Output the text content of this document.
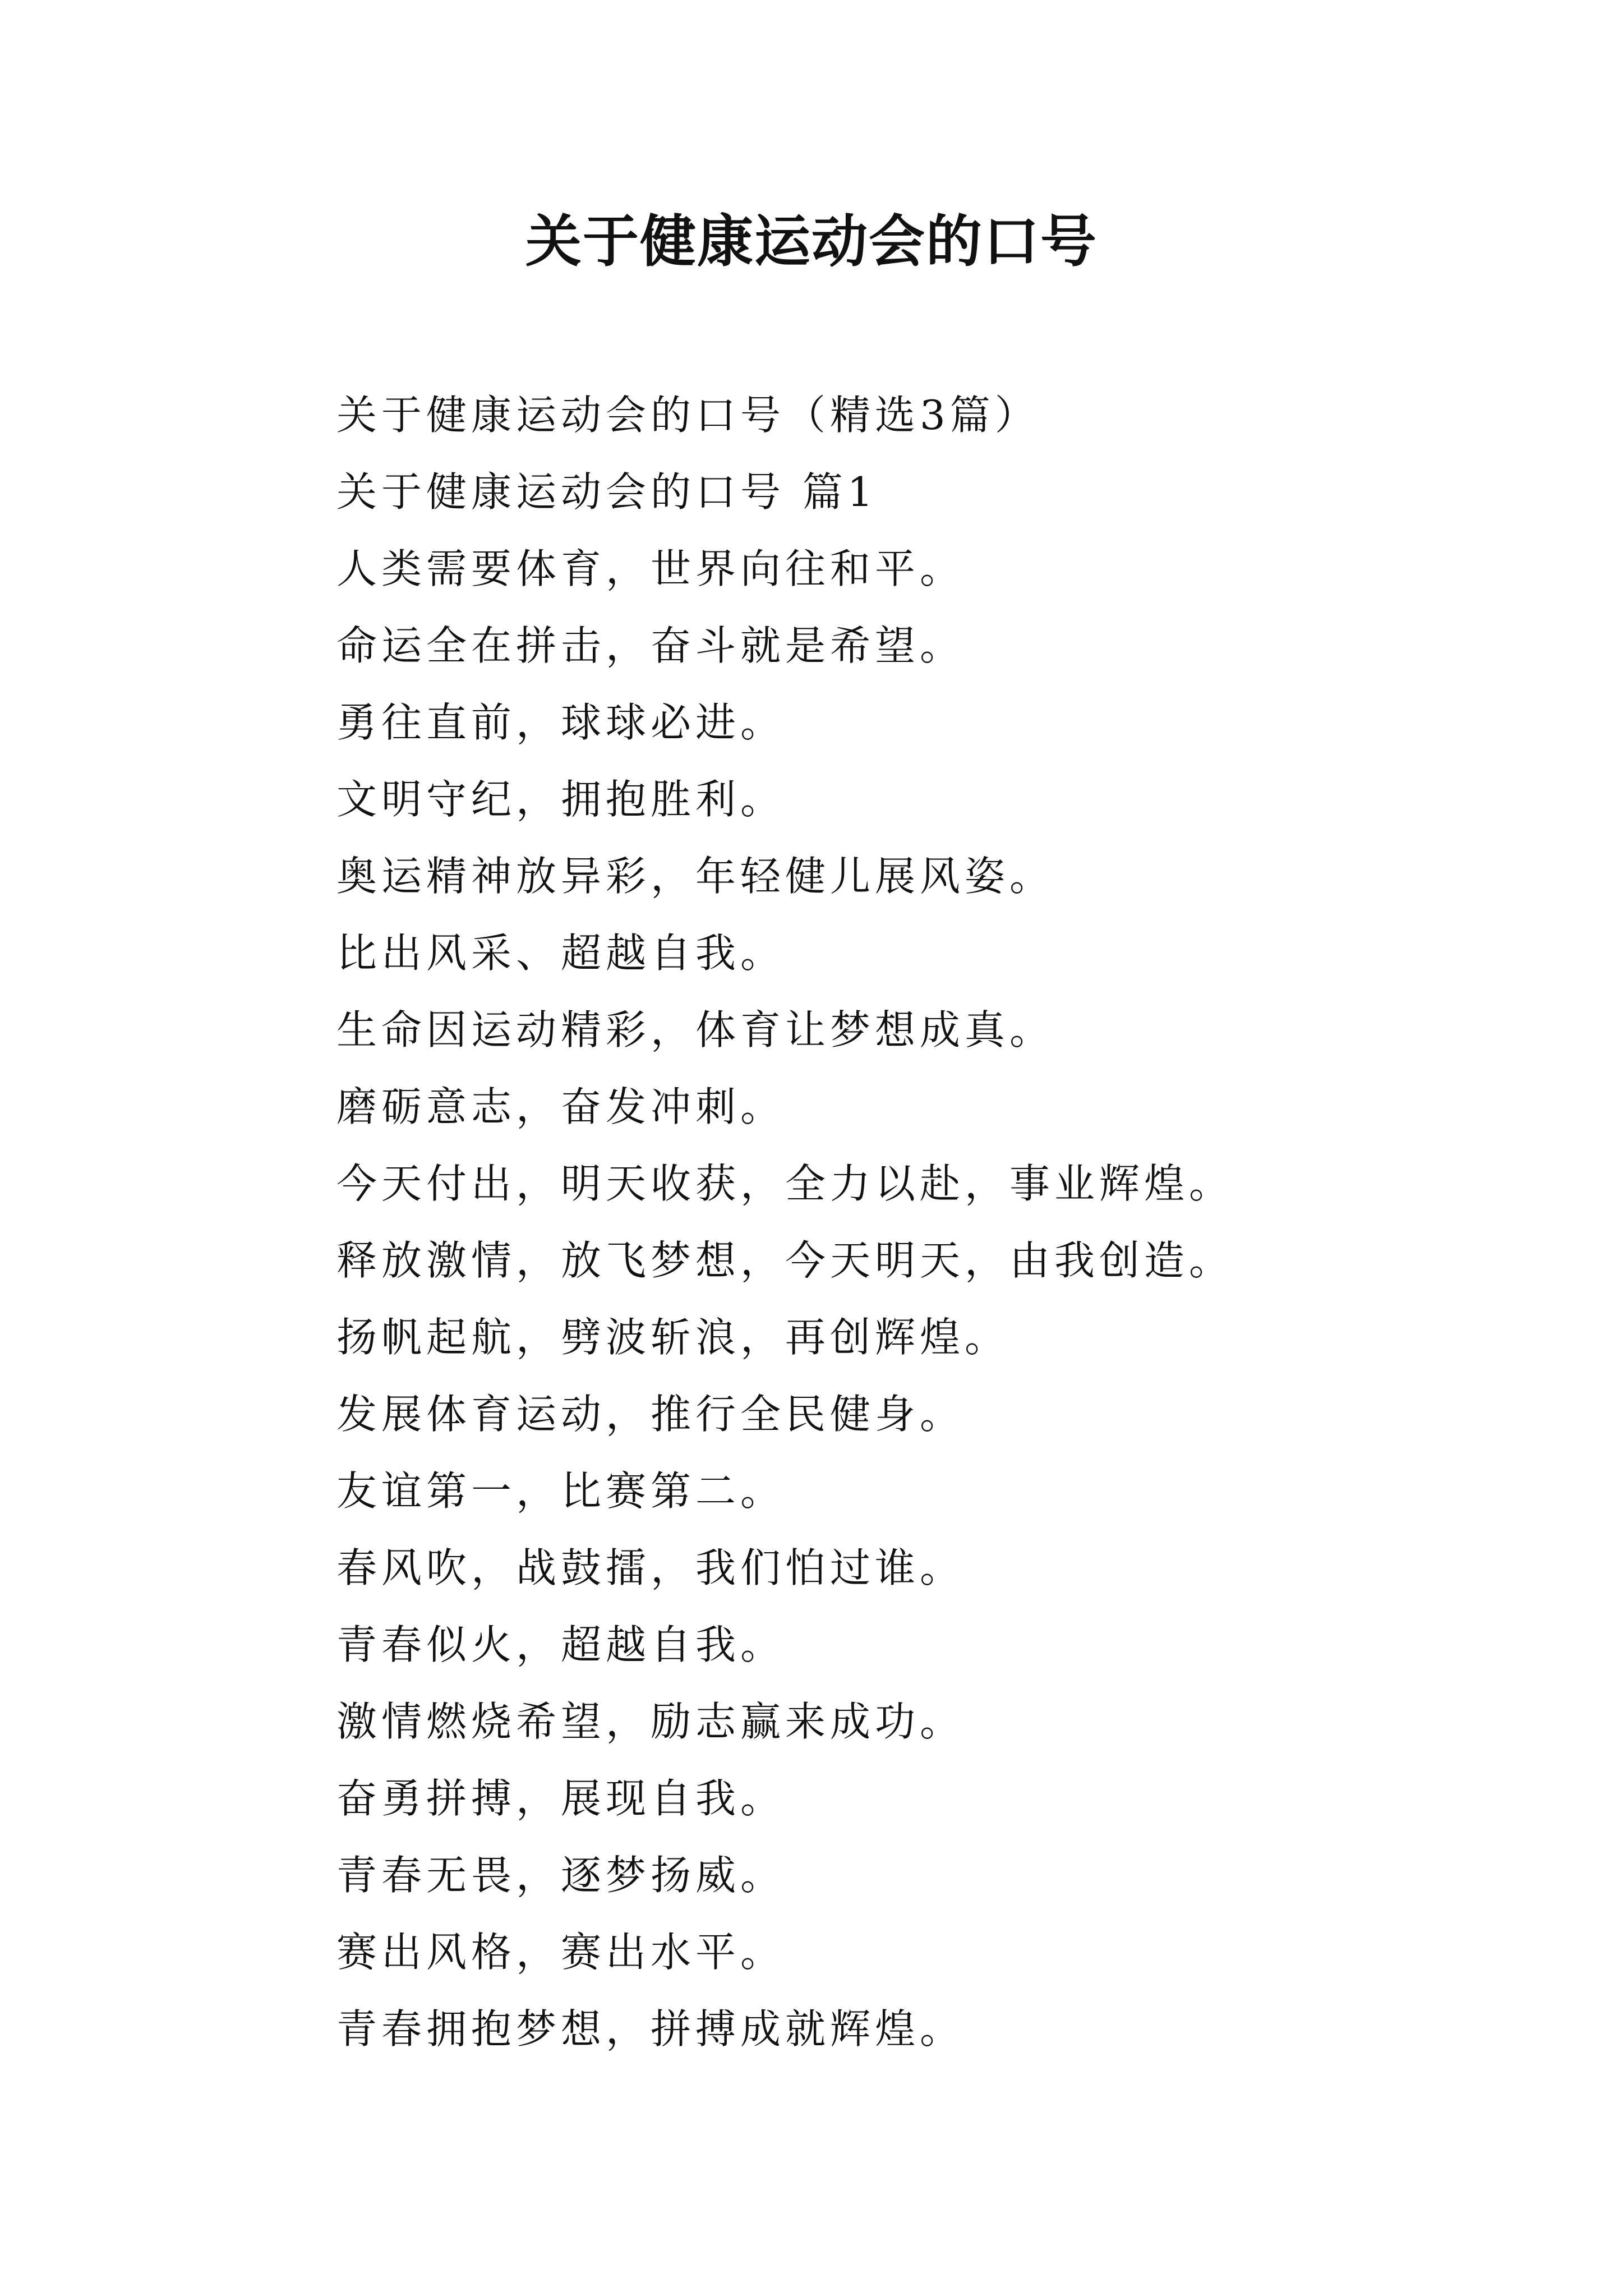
关于健康运动会的口号
关于健康运动会的口号（精选3篇）
关于健康运动会的口号 篇1
人类需要体育，世界向往和平。
命运全在拼击，奋斗就是希望。
勇往直前，球球必进。
文明守纪，拥抱胜利。
奥运精神放异彩，年轻健儿展风姿。
比出风采、超越自我。
生命因运动精彩，体育让梦想成真。
磨砺意志，奋发冲刺。
今天付出，明天收获，全力以赴，事业辉煌。
释放激情，放飞梦想，今天明天，由我创造。
扬帆起航，劈波斩浪，再创辉煌。
发展体育运动，推行全民健身。
友谊第一，比赛第二。
春风吹，战鼓擂，我们怕过谁。
青春似火，超越自我。
激情燃烧希望，励志赢来成功。
奋勇拼搏，展现自我。
青春无畏，逐梦扬威。
赛出风格，赛出水平。
青春拥抱梦想，拼搏成就辉煌。
